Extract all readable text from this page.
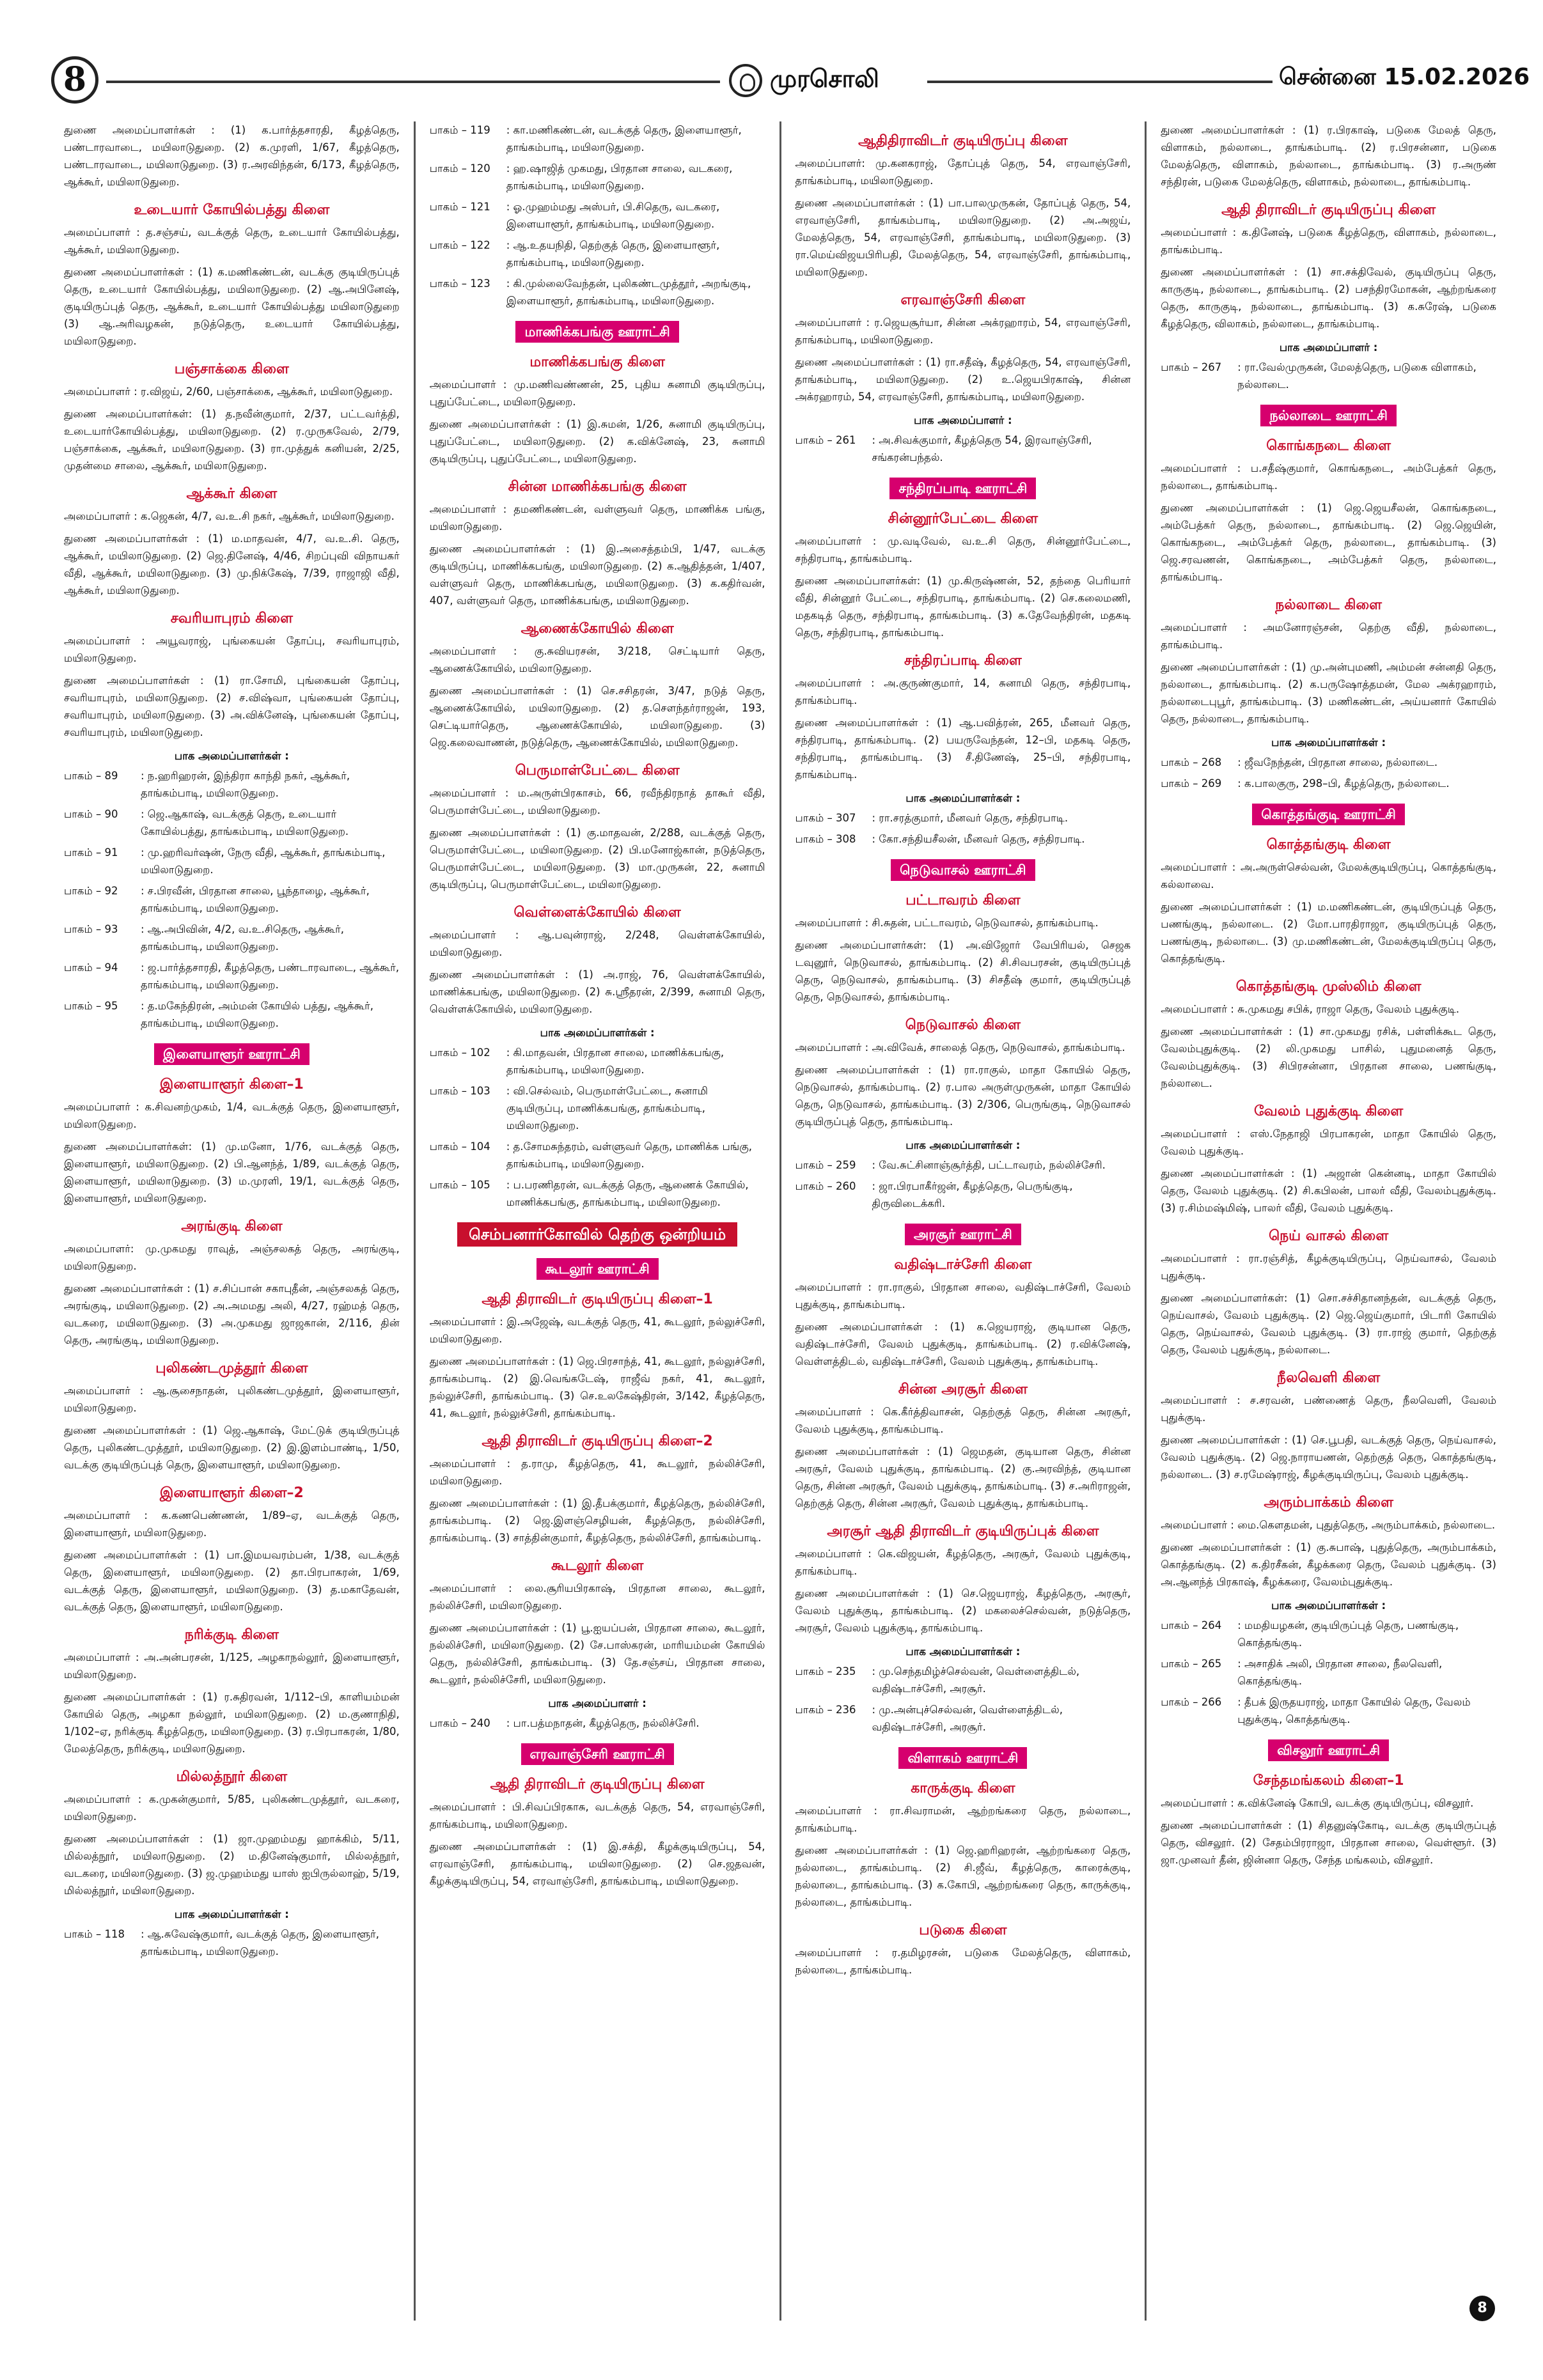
8	முரசொலி	சென்னை 15.02.2026

துணை அமைப்பாளர்கள் : (1) க.பார்த்தசாரதி, கீழத்தெரு, பண்டாரவாடை, மயிலாடுதுறை. (2) க.முரளி, 1/67, கீழத்தெரு, பண்டாரவாடை, மயிலாடுதுறை. (3) ர.அரவிந்தன், 6/173, கீழத்தெரு, ஆக்கூர், மயிலாடுதுறை.

உடையார் கோயில்பத்து கிளை

அமைப்பாளர் : த.சஞ்சய், வடக்குத் தெரு, உடையார் கோயில்பத்து, ஆக்கூர், மயிலாடுதுறை.

துணை அமைப்பாளர்கள் : (1) க.மணிகண்டன், வடக்கு குடியிருப்புத் தெரு, உடையார் கோயில்பத்து, மயிலாடுதுறை. (2) ஆ.அபினேஷ், குடியிருப்புத் தெரு, ஆக்கூர், உடையார் கோயில்பத்து மயிலாடுதுறை (3) ஆ.அரிவழகன், நடுத்தெரு, உடையார் கோயில்பத்து, மயிலாடுதுறை.

பஞ்சாக்கை கிளை

அமைப்பாளர் : ர.விஜய், 2/60, பஞ்சாக்கை, ஆக்கூர், மயிலாடுதுறை.

துணை அமைப்பாளர்கள்: (1) த.நவீன்குமார், 2/37, பட்டவர்த்தி, உடையார்கோயில்பத்து, மயிலாடுதுறை. (2) ர.முருகவேல், 2/79, பஞ்சாக்கை, ஆக்கூர், மயிலாடுதுறை. (3) ரா.முத்துக் கனியன், 2/25, முதன்மை சாலை, ஆக்கூர், மயிலாடுதுறை.

ஆக்கூர் கிளை

அமைப்பாளர் : க.ஜெகன், 4/7, வ.உ.சி நகர், ஆக்கூர், மயிலாடுதுறை.

துணை அமைப்பாளர்கள் : (1) ம.மாதவன், 4/7, வ.உ.சி. தெரு, ஆக்கூர், மயிலாடுதுறை. (2) ஜெ.தினேஷ், 4/46, சிறப்புவி விநாயகர் வீதி, ஆக்கூர், மயிலாடுதுறை. (3) மு.நிக்கேஷ், 7/39, ராஜாஜி வீதி, ஆக்கூர், மயிலாடுதுறை.

சவரியாபுரம் கிளை

அமைப்பாளர் : அயூவராஜ், புங்கையன் தோப்பு, சவரியாபுரம், மயிலாடுதுறை.

துணை அமைப்பாளர்கள் : (1) ரா.சோமி, புங்கையன் தோப்பு, சவரியாபுரம், மயிலாடுதுறை. (2) ச.விஷ்வா, புங்கையன் தோப்பு, சவரியாபுரம், மயிலாடுதுறை. (3) அ.விக்னேஷ், புங்கையன் தோப்பு, சவரியாபுரம், மயிலாடுதுறை.

பாக அமைப்பாளர்கள் :
பாகம் – 89	: ந.ஹரிஹரன், இந்திரா காந்தி நகர், ஆக்கூர், தாங்கம்பாடி, மயிலாடுதுறை.
பாகம் – 90	: ஜெ.ஆகாஷ், வடக்குத் தெரு, உடையார் கோயில்பத்து, தாங்கம்பாடி, மயிலாடுதுறை.
பாகம் – 91	: மு.ஹரிவர்ஷன், நேரு வீதி, ஆக்கூர், தாங்கம்பாடி, மயிலாடுதுறை.
பாகம் – 92	: ச.பிரவீன், பிரதான சாலை, பூந்தாழை, ஆக்கூர், தாங்கம்பாடி, மயிலாடுதுறை.
பாகம் – 93	: ஆ.அபிவின், 4/2, வ.உ.சிதெரு, ஆக்கூர், தாங்கம்பாடி, மயிலாடுதுறை.
பாகம் – 94	: ஜ.பார்த்தசாரதி, கீழத்தெரு, பண்டாரவாடை, ஆக்கூர், தாங்கம்பாடி, மயிலாடுதுறை.
பாகம் – 95	: த.மகேந்திரன், அம்மன் கோயில் பத்து, ஆக்கூர், தாங்கம்பாடி, மயிலாடுதுறை.
இளையாளூர் ஊராட்சி
இளையாளூர் கிளை–1

அமைப்பாளர் : க.சிவனற்முகம், 1/4, வடக்குத் தெரு, இளையாளூர், மயிலாடுதுறை.

துணை அமைப்பாளர்கள்: (1) மு.மனோ, 1/76, வடக்குத் தெரு, இளையாளூர், மயிலாடுதுறை. (2) பி.ஆனந்த், 1/89, வடக்குத் தெரு, இளையாளூர், மயிலாடுதுறை. (3) ம.முரளி, 19/1, வடக்குத் தெரு, இளையாளூர், மயிலாடுதுறை.

அரங்குடி கிளை

அமைப்பாளர்: மு.முகமது ராவுத், அஞ்சலகத் தெரு, அரங்குடி, மயிலாடுதுறை.

துணை அமைப்பாளர்கள் : (1) ச.சிப்பான் சகாபுதீன், அஞ்சலகத் தெரு, அரங்குடி, மயிலாடுதுறை. (2) அ.அமமது அலி, 4/27, ரஹ்மத் தெரு, வடகரை, மயிலாடுதுறை. (3) அ.முகமது ஜாஜகான், 2/116, தின் தெரு, அரங்குடி, மயிலாடுதுறை.

புலிகண்டமுத்தூர் கிளை

அமைப்பாளர் : ஆ.சூசைநாதன், புலிகண்டமுத்தூர், இளையாளூர், மயிலாடுதுறை.

துணை அமைப்பாளர்கள் : (1) ஜெ.ஆகாஷ், மேட்டுக் குடியிருப்புத் தெரு, புலிகண்டமுத்தூர், மயிலாடுதுறை. (2) இ.இளம்பாண்டி, 1/50, வடக்கு குடியிருப்புத் தெரு, இளையாளூர், மயிலாடுதுறை.

இளையாளூர் கிளை–2

அமைப்பாளர் : க.கணபெண்ணன், 1/89–ஏ, வடக்குத் தெரு, இளையாளூர், மயிலாடுதுறை.

துணை அமைப்பாளர்கள் : (1) பா.இமயவரம்பன், 1/38, வடக்குத் தெரு, இளையாளூர், மயிலாடுதுறை. (2) தா.பிரபாகரன், 1/69, வடக்குத் தெரு, இளையாளூர், மயிலாடுதுறை. (3) த.மகாதேவன், வடக்குத் தெரு, இளையாளூர், மயிலாடுதுறை.

நரிக்குடி கிளை

அமைப்பாளர் : அ.அன்பரசன், 1/125, அழகாநல்லூர், இளையாளூர், மயிலாடுதுறை.

துணை அமைப்பாளர்கள் : (1) ர.சுதிரவன், 1/112–பி, காளியம்மன் கோயில் தெரு, அழகா நல்லூர், மயிலாடுதுறை. (2) ம.குணாநிதி, 1/102–ஏ, நரிக்குடி கீழத்தெரு, மயிலாடுதுறை. (3) ர.பிரபாகரன், 1/80, மேலத்தெரு, நரிக்குடி, மயிலாடுதுறை.

மில்லத்நூர் கிளை

அமைப்பாளர் : க.முகன்குமார், 5/85, புலிகண்டமுத்தூர், வடகரை, மயிலாடுதுறை.

துணை அமைப்பாளர்கள் : (1) ஜா.முஹம்மது ஹாக்கிம், 5/11, மில்லத்நூர், மயிலாடுதுறை. (2) ம.தினேஷ்குமார், மில்லத்நூர், வடகரை, மயிலாடுதுறை. (3) ஜ.முஹம்மது யாஸ் ஐபிருல்லாஹ், 5/19, மில்லத்நூர், மயிலாடுதுறை.

பாக அமைப்பாளர்கள் :
பாகம் – 118	: ஆ.சுவேஷ்குமார், வடக்குத் தெரு, இளையாளூர், தாங்கம்பாடி, மயிலாடுதுறை.
பாகம் – 119	: கா.மணிகண்டன், வடக்குத் தெரு, இளையாளூர், தாங்கம்பாடி, மயிலாடுதுறை.
பாகம் – 120	: ஹ.ஷாஜித் முகமது, பிரதான சாலை, வடகரை, தாங்கம்பாடி, மயிலாடுதுறை.
பாகம் – 121	: ஓ.முஹம்மது அஸ்பர், பி.சிதெரு, வடகரை, இளையாளூர், தாங்கம்பாடி, மயிலாடுதுறை.
பாகம் – 122	: ஆ.உதயநிதி, தெற்குத் தெரு, இளையாளூர், தாங்கம்பாடி, மயிலாடுதுறை.
பாகம் – 123	: கி.முல்லைவேந்தன், புலிகண்டமுத்தூர், அறங்குடி, இளையாளூர், தாங்கம்பாடி, மயிலாடுதுறை.
மாணிக்கபங்கு ஊராட்சி
மாணிக்கபங்கு கிளை

அமைப்பாளர் : மு.மணிவண்ணன், 25, புதிய சுனாமி குடியிருப்பு, புதுப்பேட்டை, மயிலாடுதுறை.

துணை அமைப்பாளர்கள் : (1) இ.சுமன், 1/26, சுனாமி குடியிருப்பு, புதுப்பேட்டை, மயிலாடுதுறை. (2) க.விக்னேஷ், 23, சுனாமி குடியிருப்பு, புதுப்பேட்டை, மயிலாடுதுறை.

சின்ன மாணிக்கபங்கு கிளை

அமைப்பாளர் : தமணிகண்டன், வள்ளுவர் தெரு, மாணிக்க பங்கு, மயிலாடுதுறை.

துணை அமைப்பாளர்கள் : (1) இ.அசைத்தம்பி, 1/47, வடக்கு குடியிருப்பு, மாணிக்கபங்கு, மயிலாடுதுறை. (2) க.ஆதித்தன், 1/407, வள்ளுவர் தெரு, மாணிக்கபங்கு, மயிலாடுதுறை. (3) க.கதிர்வன், 407, வள்ளுவர் தெரு, மாணிக்கபங்கு, மயிலாடுதுறை.

ஆணைக்கோயில் கிளை

அமைப்பாளர் : கு.சுவியரசன், 3/218, செட்டியார் தெரு, ஆணைக்கோயில், மயிலாடுதுறை.

துணை அமைப்பாளர்கள் : (1) செ.சசிதரன், 3/47, நடுத் தெரு, ஆணைக்கோயில், மயிலாடுதுறை. (2) த.செளந்தர்ராஜன், 193, செட்டியார்தெரு, ஆணைக்கோயில், மயிலாடுதுறை. (3) ஜெ.கலைவாணன், நடுத்தெரு, ஆணைக்கோயில், மயிலாடுதுறை.

பெருமாள்பேட்டை கிளை

அமைப்பாளர் : ம.அருள்பிரகாசம், 66, ரவீந்திரநாத் தாகூர் வீதி, பெருமாள்பேட்டை, மயிலாடுதுறை.

துணை அமைப்பாளர்கள் : (1) கு.மாதவன், 2/288, வடக்குத் தெரு, பெருமாள்பேட்டை, மயிலாடுதுறை. (2) பி.மனோஜ்கான், நடுத்தெரு, பெருமாள்பேட்டை, மயிலாடுதுறை. (3) மா.முருகன், 22, சுனாமி குடியிருப்பு, பெருமாள்பேட்டை, மயிலாடுதுறை.

வெள்ளைக்கோயில் கிளை

அமைப்பாளர் : ஆ.பவுன்ராஜ், 2/248, வெள்ளக்கோயில், மயிலாடுதுறை.

துணை அமைப்பாளர்கள் : (1) அ.ராஜ், 76, வெள்ளக்கோயில், மாணிக்கபங்கு, மயிலாடுதுறை. (2) சு.ஸ்ரீதரன், 2/399, சுனாமி தெரு, வெள்ளக்கோயில், மயிலாடுதுறை.

பாக அமைப்பாளர்கள் :
பாகம் – 102	: கி.மாதவன், பிரதான சாலை, மாணிக்கபங்கு, தாங்கம்பாடி, மயிலாடுதுறை.
பாகம் – 103	: வி.செல்வம், பெருமாள்பேட்டை, சுனாமி குடியிருப்பு, மாணிக்கபங்கு, தாங்கம்பாடி, மயிலாடுதுறை.
பாகம் – 104	: த.சோமசுந்தரம், வள்ளுவர் தெரு, மாணிக்க பங்கு, தாங்கம்பாடி, மயிலாடுதுறை.
பாகம் – 105	: ப.பரணிதரன், வடக்குத் தெரு, ஆணைக் கோயில், மாணிக்கபங்கு, தாங்கம்பாடி, மயிலாடுதுறை.
செம்பனார்கோவில் தெற்கு ஒன்றியம்
கூடலூர் ஊராட்சி
ஆதி திராவிடர் குடியிருப்பு கிளை–1

அமைப்பாளர் : இ.அஜேஷ், வடக்குத் தெரு, 41, கூடலூர், நல்லுச்சேரி, மயிலாடுதுறை.

துணை அமைப்பாளர்கள் : (1) ஜெ.பிரசாந்த், 41, கூடலூர், நல்லுச்சேரி, தாங்கம்பாடி. (2) இ.வெங்கடேஷ், ராஜீவ் நகர், 41, கூடலூர், நல்லுச்சேரி, தாங்கம்பாடி. (3) செ.உலகேஷ்திரன், 3/142, கீழத்தெரு, 41, கூடலூர், நல்லுச்சேரி, தாங்கம்பாடி.

ஆதி திராவிடர் குடியிருப்பு கிளை–2

அமைப்பாளர் : த.ராமு, கீழத்தெரு, 41, கூடலூர், நல்லிச்சேரி, மயிலாடுதுறை.

துணை அமைப்பாளர்கள் : (1) இ.தீபக்குமார், கீழத்தெரு, நல்லிச்சேரி, தாங்கம்பாடி. (2) ஜெ.இளஞ்செழியன், கீழத்தெரு, நல்லிச்சேரி, தாங்கம்பாடி. (3) சாத்தின்குமார், கீழத்தெரு, நல்லிச்சேரி, தாங்கம்பாடி.

கூடலூர் கிளை

அமைப்பாளர் : லை.சூரியபிரகாஷ், பிரதான சாலை, கூடலூர், நல்லிச்சேரி, மயிலாடுதுறை.

துணை அமைப்பாளர்கள் : (1) பூ.ஐயப்பன், பிரதான சாலை, கூடலூர், நல்லிச்சேரி, மயிலாடுதுறை. (2) சே.பாஸ்கரன், மாரியம்மன் கோயில் தெரு, நல்லிச்சேரி, தாங்கம்பாடி. (3) தே.சஞ்சய், பிரதான சாலை, கூடலூர், நல்லிச்சேரி, மயிலாடுதுறை.

பாக அமைப்பாளர் :
பாகம் – 240	: பா.பத்மநாதன், கீழத்தெரு, நல்லிச்சேரி.
எரவாஞ்சேரி ஊராட்சி
ஆதி திராவிடர் குடியிருப்பு கிளை

அமைப்பாளர் : பி.சிவப்பிரகாசு, வடக்குத் தெரு, 54, எரவாஞ்சேரி, தாங்கம்பாடி, மயிலாடுதுறை.

துணை அமைப்பாளர்கள் : (1) இ.சக்தி, கீழக்குடியிருப்பு, 54, எரவாஞ்சேரி, தாங்கம்பாடி, மயிலாடுதுறை. (2) செ.ஜதவன், கீழக்குடியிருப்பு, 54, எரவாஞ்சேரி, தாங்கம்பாடி, மயிலாடுதுறை.

ஆதிதிராவிடர் குடியிருப்பு கிளை

அமைப்பாளர்: மு.கனகராஜ், தோப்புத் தெரு, 54, எரவாஞ்சேரி, தாங்கம்பாடி, மயிலாடுதுறை.

துணை அமைப்பாளர்கள் : (1) பா.பாலமுருகன், தோப்புத் தெரு, 54, எரவாஞ்சேரி, தாங்கம்பாடி, மயிலாடுதுறை. (2) அ.அஜய், மேலத்தெரு, 54, எரவாஞ்சேரி, தாங்கம்பாடி, மயிலாடுதுறை. (3) ரா.மெய்விஜயபிரிபதி, மேலத்தெரு, 54, எரவாஞ்சேரி, தாங்கம்பாடி, மயிலாடுதுறை.

எரவாஞ்சேரி கிளை

அமைப்பாளர் : ர.ஜெயசூர்யா, சின்ன அக்ரஹாரம், 54, எரவாஞ்சேரி, தாங்கம்பாடி, மயிலாடுதுறை.

துணை அமைப்பாளர்கள் : (1) ரா.சதீஷ், கீழத்தெரு, 54, எரவாஞ்சேரி, தாங்கம்பாடி, மயிலாடுதுறை. (2) உ.ஜெயபிரகாஷ், சின்ன அக்ரஹாரம், 54, எரவாஞ்சேரி, தாங்கம்பாடி, மயிலாடுதுறை.

பாக அமைப்பாளர் :
பாகம் – 261	: அ.சிவக்குமார், கீழத்தெரு 54, இரவாஞ்சேரி, சங்கரன்பந்தல்.
சந்திரப்பாடி ஊராட்சி
சின்னூர்பேட்டை கிளை

அமைப்பாளர் : மு.வடிவேல், வ.உ.சி தெரு, சின்னூர்பேட்டை, சந்திரபாடி, தாங்கம்பாடி.

துணை அமைப்பாளர்கள்: (1) மு.கிருஷ்ணன், 52, தந்தை பெரியார் வீதி, சின்னூர் பேட்டை, சந்திரபாடி, தாங்கம்பாடி. (2) செ.கலைமணி, மதகடித் தெரு, சந்திரபாடி, தாங்கம்பாடி. (3) க.தேவேந்திரன், மதகடி தெரு, சந்திரபாடி, தாங்கம்பாடி.

சந்திரப்பாடி கிளை

அமைப்பாளர் : அ.குருண்குமார், 14, சுனாமி தெரு, சந்திரபாடி, தாங்கம்பாடி.

துணை அமைப்பாளர்கள் : (1) ஆ.பவித்ரன், 265, மீனவர் தெரு, சந்திரபாடி, தாங்கம்பாடி. (2) பயருவேந்தன், 12–பி, மதகடி தெரு, சந்திரபாடி, தாங்கம்பாடி. (3) சீ.திணேஷ், 25–பி, சந்திரபாடி, தாங்கம்பாடி.

பாக அமைப்பாளர்கள் :
பாகம் – 307	: ரா.சரத்குமார், மீனவர் தெரு, சந்திரபாடி.
பாகம் – 308	: கோ.சந்தியசீலன், மீனவர் தெரு, சந்திரபாடி.
நெடுவாசல் ஊராட்சி
பட்டாவரம் கிளை

அமைப்பாளர் : சி.சுதன், பட்டாவரம், நெடுவாசல், தாங்கம்பாடி.

துணை அமைப்பாளர்கள்: (1) அ.விஜோர் வேபிரியல், செஜக டவுனூர், நெடுவாசல், தாங்கம்பாடி. (2) சி.சிவபரசன், குடியிருப்புத் தெரு, நெடுவாசல், தாங்கம்பாடி. (3) சிசதீஷ் குமார், குடியிருப்புத் தெரு, நெடுவாசல், தாங்கம்பாடி.

நெடுவாசல் கிளை

அமைப்பாளர் : அ.விவேக், சாலைத் தெரு, நெடுவாசல், தாங்கம்பாடி.

துணை அமைப்பாளர்கள் : (1) ரா.ராகுல், மாதா கோயில் தெரு, நெடுவாசல், தாங்கம்பாடி. (2) ர.பால அருள்முருகன், மாதா கோயில் தெரு, நெடுவாசல், தாங்கம்பாடி. (3) 2/306, பெருங்குடி, நெடுவாசல் குடியிருப்புத் தெரு, தாங்கம்பாடி.

பாக அமைப்பாளர்கள் :
பாகம் – 259	: வே.சுட்சினாஞ்சூர்த்தி, பட்டாவரம், நல்லிச்சேரி.
பாகம் – 260	: ஜா.பிரபாகீர்ஜன், கீழத்தெரு, பெருங்குடி, திருவிடைக்கரி.
அரசூர் ஊராட்சி
வதிஷ்டாச்சேரி கிளை

அமைப்பாளர் : ரா.ராகுல், பிரதான சாலை, வதிஷ்டாச்சேரி, வேலம் புதுக்குடி, தாங்கம்பாடி.

துணை அமைப்பாளர்கள் : (1) க.ஜெயராஜ், குடியான தெரு, வதிஷ்டாச்சேரி, வேலம் புதுக்குடி, தாங்கம்பாடி. (2) ர.விக்னேஷ், வெள்ளத்திடல், வதிஷ்டாச்சேரி, வேலம் புதுக்குடி, தாங்கம்பாடி.

சின்ன அரசூர் கிளை

அமைப்பாளர் : கெ.கீர்த்திவாசன், தெற்குத் தெரு, சின்ன அரசூர், வேலம் புதுக்குடி, தாங்கம்பாடி.

துணை அமைப்பாளர்கள் : (1) ஜெமதன், குடியான தெரு, சின்ன அரசூர், வேலம் புதுக்குடி, தாங்கம்பாடி. (2) கு.அரவிந்த், குடியான தெரு, சின்ன அரசூர், வேலம் புதுக்குடி, தாங்கம்பாடி. (3) ச.அரிராஜன், தெற்குத் தெரு, சின்ன அரசூர், வேலம் புதுக்குடி, தாங்கம்பாடி.

அரசூர் ஆதி திராவிடர் குடியிருப்புக் கிளை

அமைப்பாளர் : கெ.விஜயன், கீழத்தெரு, அரசூர், வேலம் புதுக்குடி, தாங்கம்பாடி.

துணை அமைப்பாளர்கள் : (1) செ.ஜெயராஜ், கீழத்தெரு, அரசூர், வேலம் புதுக்குடி, தாங்கம்பாடி. (2) மகலைச்செல்வன், நடுத்தெரு, அரசூர், வேலம் புதுக்குடி, தாங்கம்பாடி.

பாக அமைப்பாளர்கள் :
பாகம் – 235	: மு.செந்தமிழ்ச்செல்வன், வெள்ளைத்திடல், வதிஷ்டாச்சேரி, அரசூர்.
பாகம் – 236	: மு.அன்புச்செல்வன், வெள்ளைத்திடல், வதிஷ்டாச்சேரி, அரசூர்.
விளாகம் ஊராட்சி
காருக்குடி கிளை

அமைப்பாளர் : ரா.சிவராமன், ஆற்றங்கரை தெரு, நல்லாடை, தாங்கம்பாடி.

துணை அமைப்பாளர்கள் : (1) ஜெ.ஹரிஹரன், ஆற்றங்கரை தெரு, நல்லாடை, தாங்கம்பாடி. (2) சி.ஜீவ், கீழத்தெரு, காரைக்குடி, நல்லாடை, தாங்கம்பாடி. (3) க.கோபி, ஆற்றங்கரை தெரு, காருக்குடி, நல்லாடை, தாங்கம்பாடி.

படுகை கிளை

அமைப்பாளர் : ர.தமிழரசன், படுகை மேலத்தெரு, விளாகம், நல்லாடை, தாங்கம்பாடி.

துணை அமைப்பாளர்கள் : (1) ர.பிரகாஷ், படுகை மேலத் தெரு, விளாகம், நல்லாடை, தாங்கம்பாடி. (2) ர.பிரசன்னா, படுகை மேலத்தெரு, விளாகம், நல்லாடை, தாங்கம்பாடி. (3) ர.அருண் சந்திரன், படுகை மேலத்தெரு, விளாகம், நல்லாடை, தாங்கம்பாடி.

ஆதி திராவிடர் குடியிருப்பு கிளை

அமைப்பாளர் : க.தினேஷ், படுகை கீழத்தெரு, விளாகம், நல்லாடை, தாங்கம்பாடி.

துணை அமைப்பாளர்கள் : (1) சா.சக்திவேல், குடியிருப்பு தெரு, காருகுடி, நல்லாடை, தாங்கம்பாடி. (2) பசந்திரமோகன், ஆற்றங்கரை தெரு, காருகுடி, நல்லாடை, தாங்கம்பாடி. (3) க.சுரேஷ், படுகை கீழத்தெரு, விலாகம், நல்லாடை, தாங்கம்பாடி.

பாக அமைப்பாளர் :
பாகம் – 267	: ரா.வேல்முருகன், மேலத்தெரு, படுகை விளாகம், நல்லாடை.
நல்லாடை ஊராட்சி
கொங்கநடை கிளை

அமைப்பாளர் : ப.சதீஷ்குமார், கொங்கநடை, அம்பேத்கர் தெரு, நல்லாடை, தாங்கம்பாடி.

துணை அமைப்பாளர்கள் : (1) ஜெ.ஜெயசீலன், கொங்கநடை, அம்பேத்கர் தெரு, நல்லாடை, தாங்கம்பாடி. (2) ஜெ.ஜெயின், கொங்கநடை, அம்பேத்கர் தெரு, நல்லாடை, தாங்கம்பாடி. (3) ஜெ.சரவணன், கொங்கநடை, அம்பேத்கர் தெரு, நல்லாடை, தாங்கம்பாடி.

நல்லாடை கிளை

அமைப்பாளர் : அமனோரஞ்சன், தெற்கு வீதி, நல்லாடை, தாங்கம்பாடி.

துணை அமைப்பாளர்கள் : (1) மு.அன்புமணி, அம்மன் சன்னதி தெரு, நல்லாடை, தாங்கம்பாடி. (2) க.பருஷோத்தமன், மேல அக்ரஹாரம், நல்லாடைபுபூர், தாங்கம்பாடி. (3) மணிகண்டன், அய்யனார் கோயில் தெரு, நல்லாடை, தாங்கம்பாடி.

பாக அமைப்பாளர்கள் :
பாகம் – 268	: ஜீவநேந்தன், பிரதான சாலை, நல்லாடை.
பாகம் – 269	: க.பாலகுரு, 298–பி, கீழத்தெரு, நல்லாடை.
கொத்தங்குடி ஊராட்சி
கொத்தங்குடி கிளை

அமைப்பாளர் : அ.அருள்செல்வன், மேலக்குடியிருப்பு, கொத்தங்குடி, கல்லாவை.

துணை அமைப்பாளர்கள் : (1) ம.மணிகண்டன், குடியிருப்புத் தெரு, பணங்குடி, நல்லாடை. (2) மோ.பாரதிராஜா, குடியிருப்புத் தெரு, பணங்குடி, நல்லாடை. (3) மு.மணிகண்டன், மேலக்குடியிருப்பு தெரு, கொத்தங்குடி.

கொத்தங்குடி முஸ்லிம் கிளை

அமைப்பாளர் : சு.முகமது சபிக், ராஜா தெரு, வேலம் புதுக்குடி.

துணை அமைப்பாளர்கள் : (1) சா.முகமது ரசிக், பள்ளிக்கூட தெரு, வேலம்புதுக்குடி. (2) லி.முகமது பாசில், புதுமனைத் தெரு, வேலம்புதுக்குடி. (3) சிபிரசன்னா, பிரதான சாலை, பணங்குடி, நல்லாடை.

வேலம் புதுக்குடி கிளை

அமைப்பாளர் : எஸ்.நேதாஜி பிரபாகரன், மாதா கோயில் தெரு, வேலம் புதுக்குடி.

துணை அமைப்பாளர்கள் : (1) அஜான் கென்னடி, மாதா கோயில் தெரு, வேலம் புதுக்குடி. (2) சி.கபிலன், பாலர் வீதி, வேலம்புதுக்குடி. (3) ர.சிம்மஷ்மிஷ், பாலர் வீதி, வேலம் புதுக்குடி.

நெய் வாசல் கிளை

அமைப்பாளர் : ரா.ரஞ்சித், கீழக்குடியிருப்பு, நெய்வாசல், வேலம் புதுக்குடி.

துணை அமைப்பாளர்கள்: (1) சொ.சச்சிதானந்தன், வடக்குத் தெரு, நெய்வாசல், வேலம் புதுக்குடி. (2) ஜெ.ஜெய்குமார், பிடாரி கோயில் தெரு, நெய்வாசல், வேலம் புதுக்குடி. (3) ரா.ராஜ் குமார், தெற்குத் தெரு, வேலம் புதுக்குடி, நல்லாடை.

நீலவெளி கிளை

அமைப்பாளர் : ச.சரவன், பண்ணைத் தெரு, நீலவெளி, வேலம் புதுக்குடி.

துணை அமைப்பாளர்கள் : (1) செ.பூபதி, வடக்குத் தெரு, நெய்வாசல், வேலம் புதுக்குடி. (2) ஜெ.நாராயணன், தெற்குத் தெரு, கொத்தங்குடி, நல்லாடை. (3) ச.ரமேஷ்ராஜ், கீழக்குடியிருப்பு, வேலம் புதுக்குடி.

அரும்பாக்கம் கிளை

அமைப்பாளர் : மை.கௌதமன், புதுத்தெரு, அரும்பாக்கம், நல்லாடை.

துணை அமைப்பாளர்கள் : (1) கு.சுபாஷ், புதுத்தெரு, அரும்பாக்கம், கொத்தங்குடி. (2) க.திரசீகன், கீழக்கரை தெரு, வேலம் புதுக்குடி. (3) அ.ஆனந்த் பிரகாஷ், கீழக்கரை, வேலம்புதுக்குடி.

பாக அமைப்பாளர்கள் :
பாகம் – 264	: மமதியழகன், குடியிருப்புத் தெரு, பணங்குடி, கொத்தங்குடி.
பாகம் – 265	: அசாதிக் அலி, பிரதான சாலை, நீலவெளி, கொத்தங்குடி.
பாகம் – 266	: தீபக் இருதயராஜ், மாதா கோயில் தெரு, வேலம் புதுக்குடி, கொத்தங்குடி.
விசலூர் ஊராட்சி
சேந்தமங்கலம் கிளை–1

அமைப்பாளர் : க.விக்னேஷ் கோபி, வடக்கு குடியிருப்பு, விசலூர்.

துணை அமைப்பாளர்கள் : (1) சிதனுஷ்கோடி, வடக்கு குடியிருப்புத் தெரு, விசலூர். (2) சேதம்பிரராஜா, பிரதான சாலை, வெள்ளூர். (3) ஜா.முனவர் தீன், ஜின்னா தெரு, சேந்த மங்கலம், விசலூர்.

8
